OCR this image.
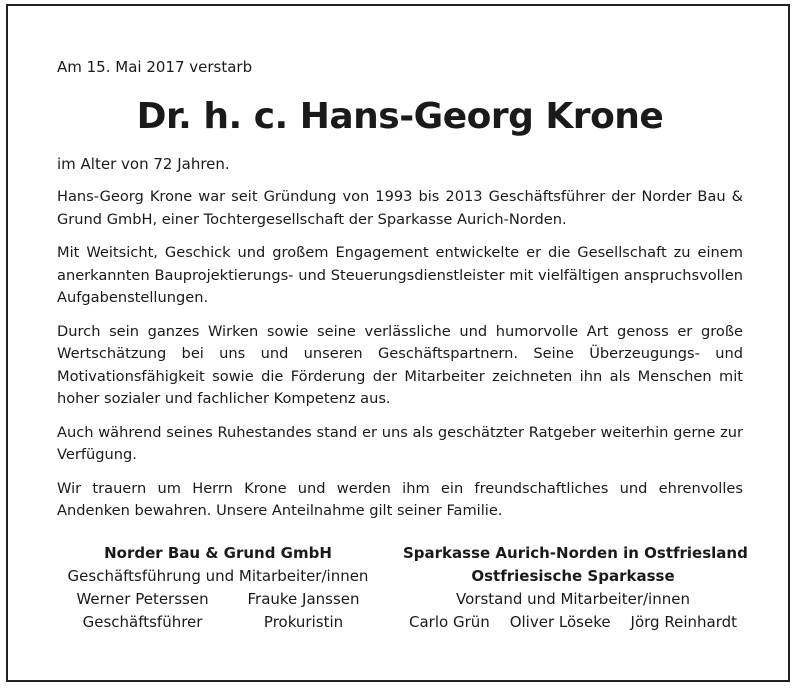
Am 15. Mai 2017 verstarb

Dr. h. c. Hans-Georg Krone

im Alter von 72 Jahren.

Hans-Georg Krone war seit Gründung von 1993 bis 2013 Geschäftsführer der Norder Bau & Grund GmbH, einer Tochtergesellschaft der Sparkasse Aurich-Norden.

Mit Weitsicht, Geschick und großem Engagement entwickelte er die Gesellschaft zu einem anerkannten Bauprojektierungs- und Steuerungsdienstleister mit vielfältigen anspruchsvollen Aufgabenstellungen.

Durch sein ganzes Wirken sowie seine verlässliche und humorvolle Art genoss er große Wertschätzung bei uns und unseren Geschäftspartnern. Seine Überzeugungs- und Motivationsfähigkeit sowie die Förderung der Mitarbeiter zeichneten ihn als Menschen mit hoher sozialer und fachlicher Kompetenz aus.

Auch während seines Ruhestandes stand er uns als geschätzter Ratgeber weiterhin gerne zur Verfügung.

Wir trauern um Herrn Krone und werden ihm ein freundschaftliches und ehrenvolles Andenken bewahren. Unsere Anteilnahme gilt seiner Familie.

Norder Bau & Grund GmbH
Geschäftsführung und Mitarbeiter/innen
Werner Peterssen
Geschäftsführer
Frauke Janssen
Prokuristin
Sparkasse Aurich-Norden in Ostfriesland
Ostfriesische Sparkasse
Vorstand und Mitarbeiter/innen
Carlo Grün Oliver Löseke Jörg Reinhardt
